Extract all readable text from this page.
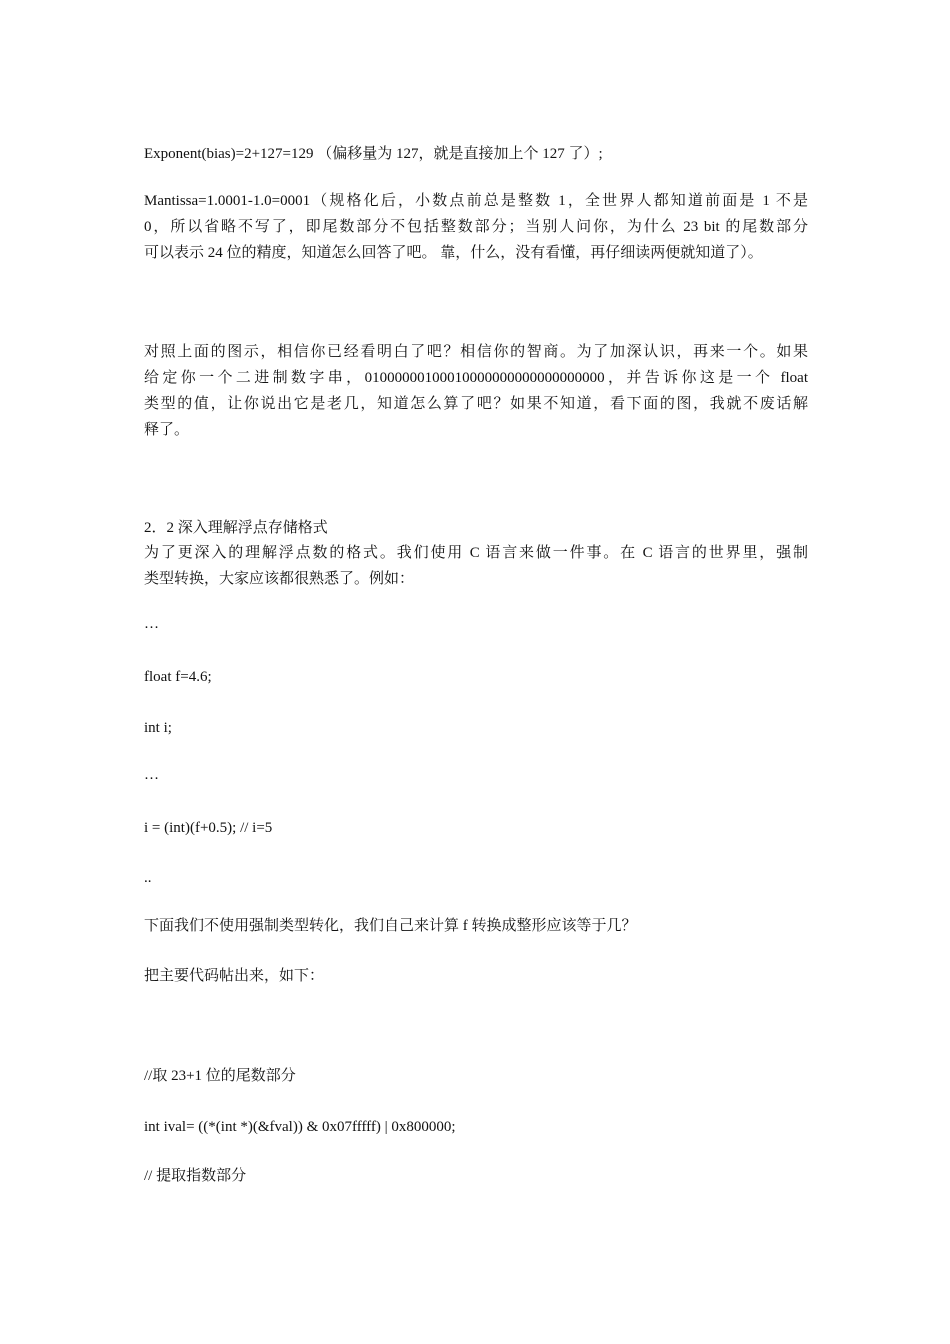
Exponent(bias)=2+127=129 （偏移量为 127，就是直接加上个 127 了）;
Mantissa=1.0001-1.0=0001（规格化后，小数点前总是整数 1，全世界人都知道前面是 1 不是
0，所以省略不写了，即尾数部分不包括整数部分；当别人问你，为什么 23 bit 的尾数部分
可以表示 24 位的精度，知道怎么回答了吧。 靠，什么，没有看懂，再仔细读两便就知道了）。
对照上面的图示，相信你已经看明白了吧？相信你的智商。为了加深认识，再来一个。如果
给定你一个二进制数字串，01000000100010000000000000000000，并告诉你这是一个 float
类型的值，让你说出它是老几，知道怎么算了吧？如果不知道，看下面的图，我就不废话解
释了。
2．2 深入理解浮点存储格式
为了更深入的理解浮点数的格式。我们使用 C 语言来做一件事。在 C 语言的世界里，强制
类型转换，大家应该都很熟悉了。例如：
…
float f=4.6;
int i;
…
i = (int)(f+0.5); // i=5
..
下面我们不使用强制类型转化，我们自己来计算 f 转换成整形应该等于几？
把主要代码帖出来，如下：
//取 23+1 位的尾数部分
int ival= ((*(int *)(&fval)) & 0x07fffff) | 0x800000;
// 提取指数部分
